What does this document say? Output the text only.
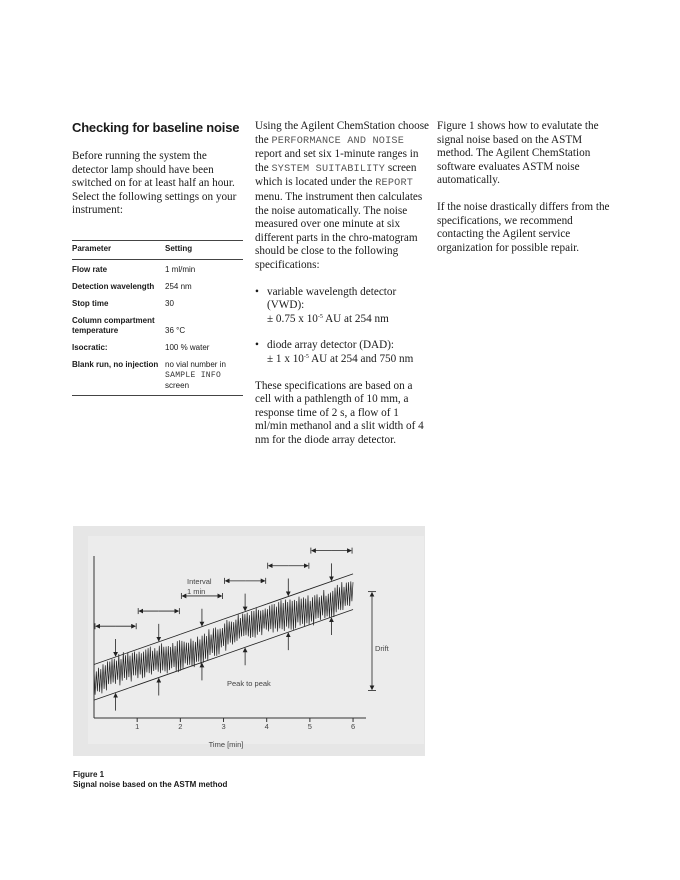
Checking for baseline noise

Before running the system the detector lamp should have been switched on for at least half an hour. Select the following settings on your instrument:

Parameter	Setting
Flow rate	1 ml/min
Detection wavelength	254 nm
Stop time	30
Column compartment temperature	36 °C
Isocratic:	100 % water
Blank run, no injection	no vial number in
SAMPLE INFO
screen

Using the Agilent ChemStation choose the PERFORMANCE AND NOISE report and set six 1-minute ranges in the SYSTEM SUITABILITY screen which is located under the REPORT menu. The instrument then calculates the noise automatically. The noise measured over one minute at six different parts in the chro-matogram should be close to the following specifications:

• variable wavelength detector (VWD):
± 0.75 x $10^{-5}$ AU at 254 nm
• diode array detector (DAD):
± 1 x $10^{-5}$ AU at 254 and 750 nm

These specifications are based on a cell with a pathlength of 10 mm, a response time of 2 s, a flow of 1 ml/min methanol and a slit width of 4 nm for the diode array detector.

Figure 1 shows how to evalutate the signal noise based on the ASTM method. The Agilent ChemStation software evaluates ASTM noise automatically.

If the noise drastically differs from the specifications, we recommend contacting the Agilent service organization for possible repair.

1	2	3	4	5	6
Interval
1 min
Peak to peak
Drift
Time [min]
Figure 1
Signal noise based on the ASTM method
